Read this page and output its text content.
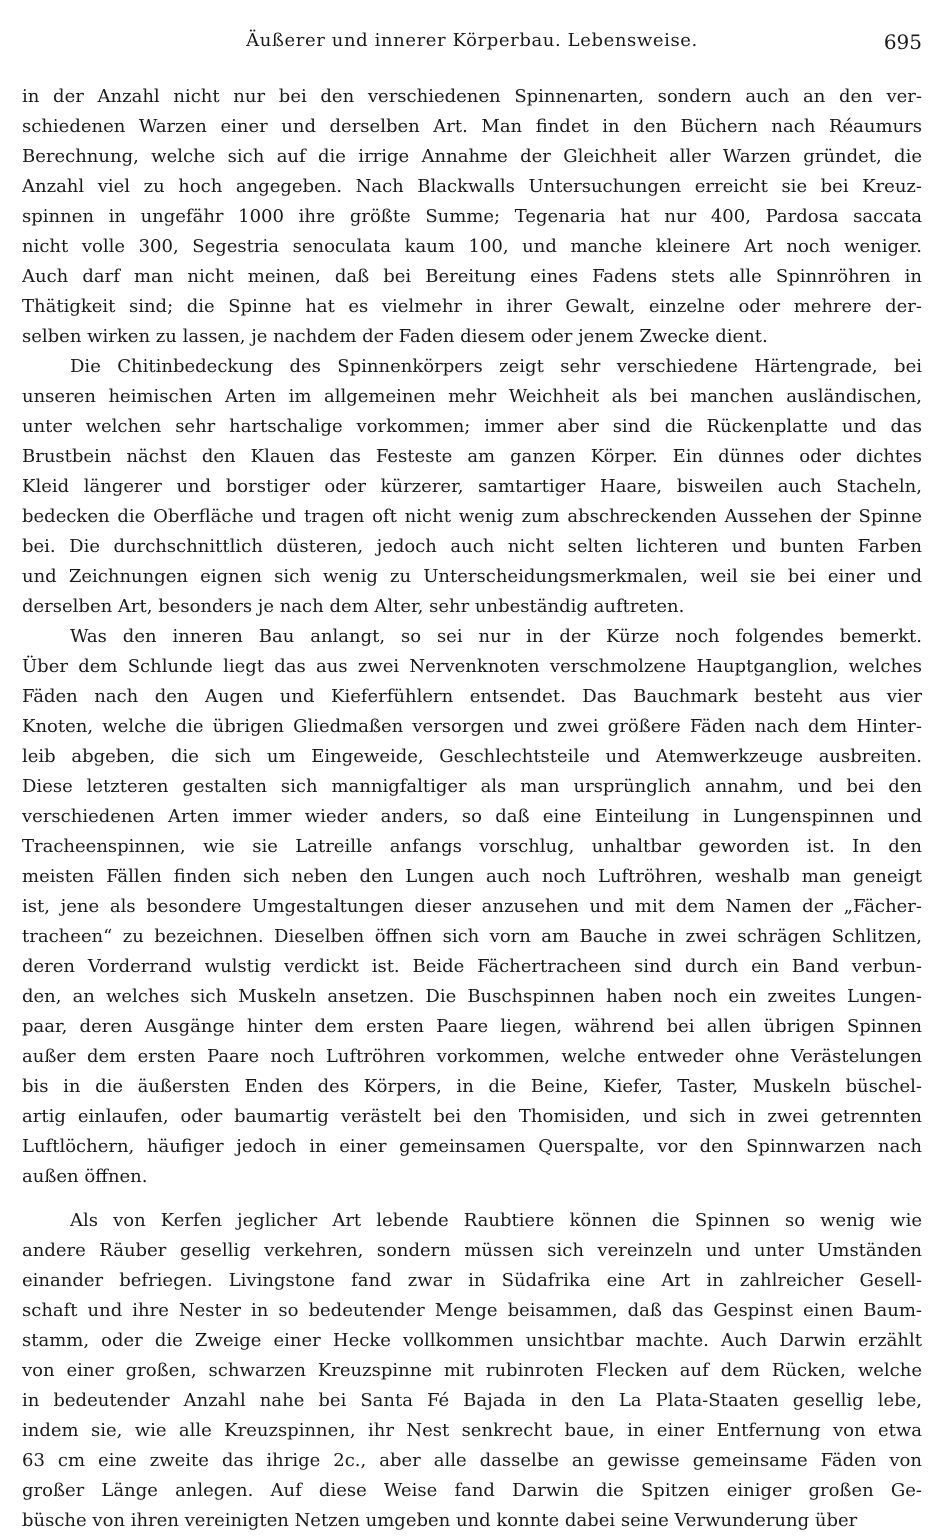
Äußerer und innerer Körperbau. Lebensweise.	695
in der Anzahl nicht nur bei den verschiedenen Spinnenarten, sondern auch an den ver-
schiedenen Warzen einer und derselben Art. Man findet in den Büchern nach Réaumurs
Berechnung, welche sich auf die irrige Annahme der Gleichheit aller Warzen gründet, die
Anzahl viel zu hoch angegeben. Nach Blackwalls Untersuchungen erreicht sie bei Kreuz-
spinnen in ungefähr 1000 ihre größte Summe; Tegenaria hat nur 400, Pardosa saccata
nicht volle 300, Segestria senoculata kaum 100, und manche kleinere Art noch weniger.
Auch darf man nicht meinen, daß bei Bereitung eines Fadens stets alle Spinnröhren in
Thätigkeit sind; die Spinne hat es vielmehr in ihrer Gewalt, einzelne oder mehrere der-
selben wirken zu lassen, je nachdem der Faden diesem oder jenem Zwecke dient.
Die Chitinbedeckung des Spinnenkörpers zeigt sehr verschiedene Härtengrade, bei
unseren heimischen Arten im allgemeinen mehr Weichheit als bei manchen ausländischen,
unter welchen sehr hartschalige vorkommen; immer aber sind die Rückenplatte und das
Brustbein nächst den Klauen das Festeste am ganzen Körper. Ein dünnes oder dichtes
Kleid längerer und borstiger oder kürzerer, samtartiger Haare, bisweilen auch Stacheln,
bedecken die Oberfläche und tragen oft nicht wenig zum abschreckenden Aussehen der Spinne
bei. Die durchschnittlich düsteren, jedoch auch nicht selten lichteren und bunten Farben
und Zeichnungen eignen sich wenig zu Unterscheidungsmerkmalen, weil sie bei einer und
derselben Art, besonders je nach dem Alter, sehr unbeständig auftreten.
Was den inneren Bau anlangt, so sei nur in der Kürze noch folgendes bemerkt.
Über dem Schlunde liegt das aus zwei Nervenknoten verschmolzene Hauptganglion, welches
Fäden nach den Augen und Kieferfühlern entsendet. Das Bauchmark besteht aus vier
Knoten, welche die übrigen Gliedmaßen versorgen und zwei größere Fäden nach dem Hinter-
leib abgeben, die sich um Eingeweide, Geschlechtsteile und Atemwerkzeuge ausbreiten.
Diese letzteren gestalten sich mannigfaltiger als man ursprünglich annahm, und bei den
verschiedenen Arten immer wieder anders, so daß eine Einteilung in Lungenspinnen und
Tracheenspinnen, wie sie Latreille anfangs vorschlug, unhaltbar geworden ist. In den
meisten Fällen finden sich neben den Lungen auch noch Luftröhren, weshalb man geneigt
ist, jene als besondere Umgestaltungen dieser anzusehen und mit dem Namen der „Fächer-
tracheen“ zu bezeichnen. Dieselben öffnen sich vorn am Bauche in zwei schrägen Schlitzen,
deren Vorderrand wulstig verdickt ist. Beide Fächertracheen sind durch ein Band verbun-
den, an welches sich Muskeln ansetzen. Die Buschspinnen haben noch ein zweites Lungen-
paar, deren Ausgänge hinter dem ersten Paare liegen, während bei allen übrigen Spinnen
außer dem ersten Paare noch Luftröhren vorkommen, welche entweder ohne Verästelungen
bis in die äußersten Enden des Körpers, in die Beine, Kiefer, Taster, Muskeln büschel-
artig einlaufen, oder baumartig verästelt bei den Thomisiden, und sich in zwei getrennten
Luftlöchern, häufiger jedoch in einer gemeinsamen Querspalte, vor den Spinnwarzen nach
außen öffnen.
Als von Kerfen jeglicher Art lebende Raubtiere können die Spinnen so wenig wie
andere Räuber gesellig verkehren, sondern müssen sich vereinzeln und unter Umständen
einander befriegen. Livingstone fand zwar in Südafrika eine Art in zahlreicher Gesell-
schaft und ihre Nester in so bedeutender Menge beisammen, daß das Gespinst einen Baum-
stamm, oder die Zweige einer Hecke vollkommen unsichtbar machte. Auch Darwin erzählt
von einer großen, schwarzen Kreuzspinne mit rubinroten Flecken auf dem Rücken, welche
in bedeutender Anzahl nahe bei Santa Fé Bajada in den La Plata-Staaten gesellig lebe,
indem sie, wie alle Kreuzspinnen, ihr Nest senkrecht baue, in einer Entfernung von etwa
63 cm eine zweite das ihrige 2c., aber alle dasselbe an gewisse gemeinsame Fäden von
großer Länge anlegen. Auf diese Weise fand Darwin die Spitzen einiger großen Ge-
büsche von ihren vereinigten Netzen umgeben und konnte dabei seine Verwunderung über
